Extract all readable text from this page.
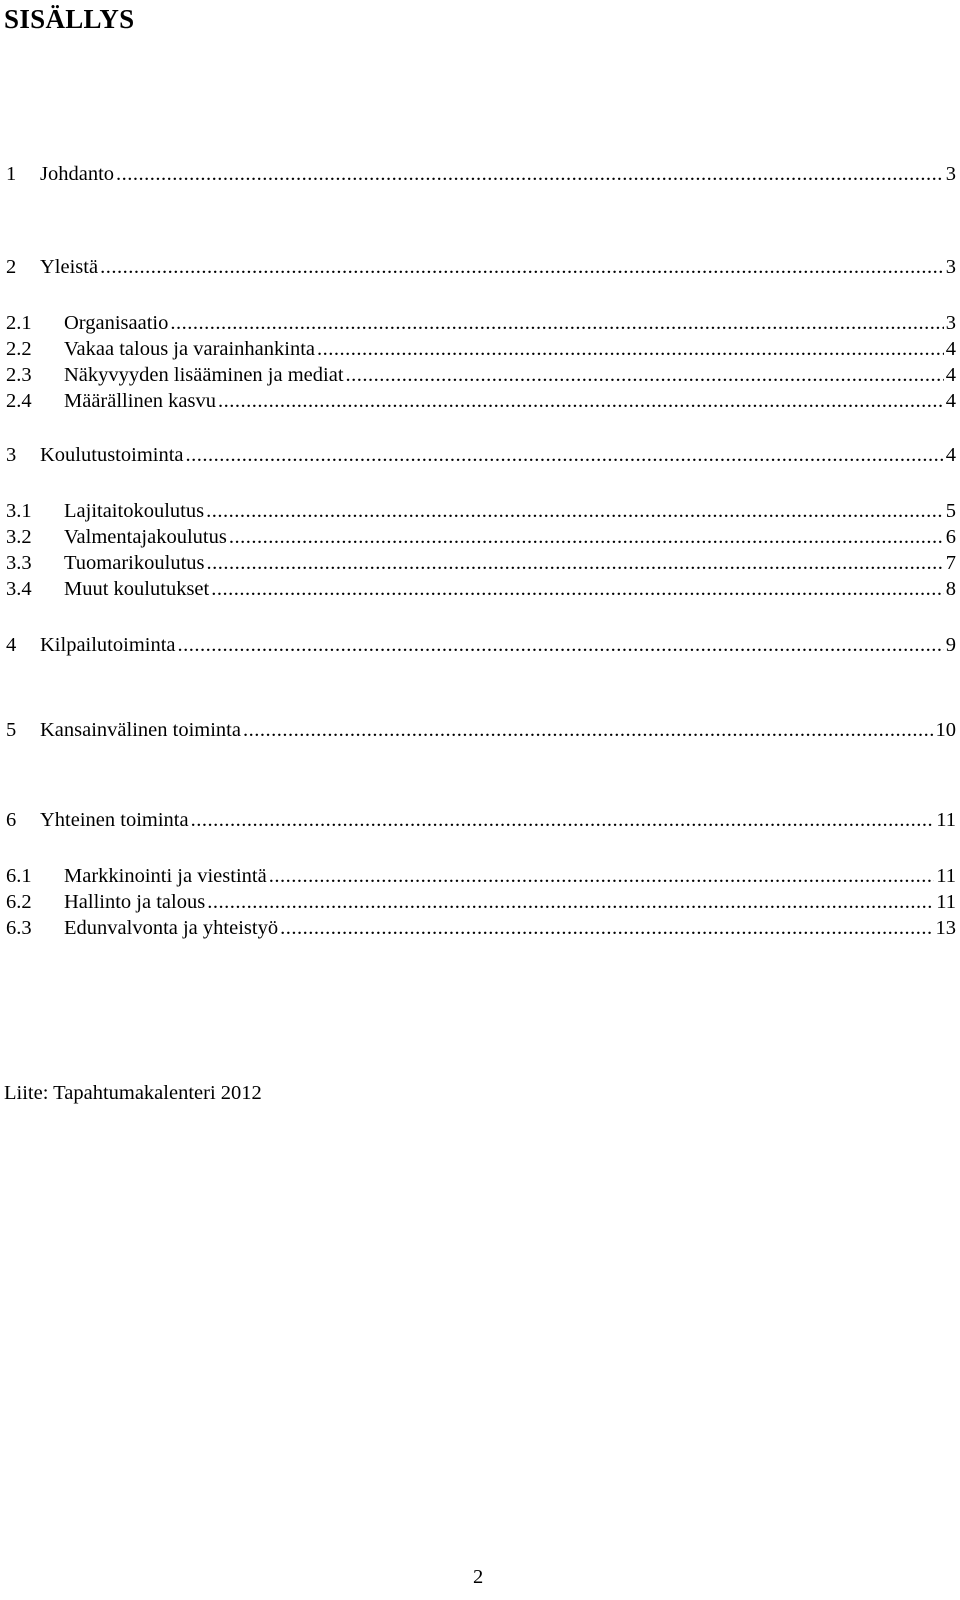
SISÄLLYS
1	Johdanto .....	3
2	Yleistä .....	3
2.1	Organisaatio .....	3
2.2	Vakaa talous ja varainhankinta .....	4
2.3	Näkyvyyden lisääminen ja mediat .....	4
2.4	Määrällinen kasvu .....	4
3	Koulutustoiminta .....	4
3.1	Lajitaitokoulutus .....	5
3.2	Valmentajakoulutus .....	6
3.3	Tuomarikoulutus .....	7
3.4	Muut koulutukset .....	8
4	Kilpailutoiminta .....	9
5	Kansainvälinen toiminta .....	10
6	Yhteinen toiminta .....	11
6.1	Markkinointi ja viestintä .....	11
6.2	Hallinto ja talous .....	11
6.3	Edunvalvonta ja yhteistyö .....	13
Liite: Tapahtumakalenteri 2012
2
